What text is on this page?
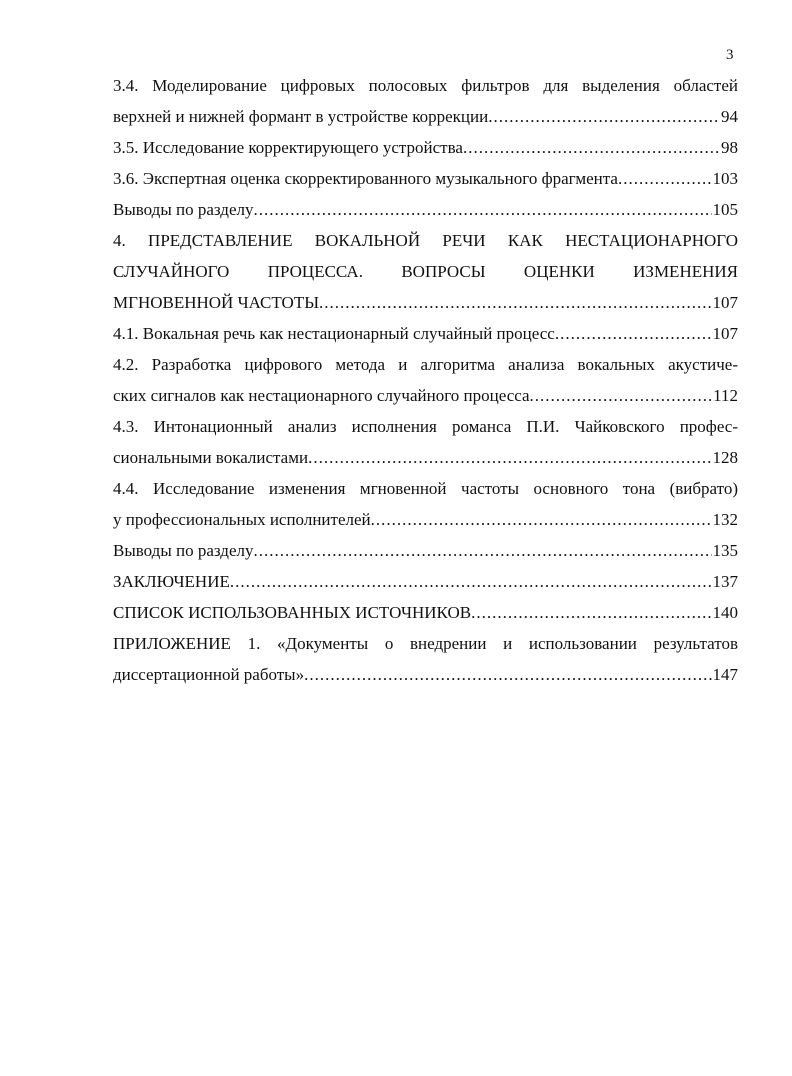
3
3.4. Моделирование цифровых полосовых фильтров для выделения областей
верхней и нижней формант в устройстве коррекции .....	94
3.5. Исследование корректирующего устройства .....	98
3.6. Экспертная оценка скорректированного музыкального фрагмента .....	103
Выводы по разделу .....	105
4. ПРЕДСТАВЛЕНИЕ ВОКАЛЬНОЙ РЕЧИ КАК НЕСТАЦИОНАРНОГО
СЛУЧАЙНОГО ПРОЦЕССА. ВОПРОСЫ ОЦЕНКИ ИЗМЕНЕНИЯ
МГНОВЕННОЙ ЧАСТОТЫ .....	107
4.1. Вокальная речь как нестационарный случайный процесс .....	107
4.2. Разработка цифрового метода и алгоритма анализа вокальных акустиче-
ских сигналов как нестационарного случайного процесса .....	112
4.3. Интонационный анализ исполнения романса П.И. Чайковского профес-
сиональными вокалистами .....	128
4.4. Исследование изменения мгновенной частоты основного тона (вибрато)
у профессиональных исполнителей .....	132
Выводы по разделу .....	135
ЗАКЛЮЧЕНИЕ .....	137
СПИСОК ИСПОЛЬЗОВАННЫХ ИСТОЧНИКОВ .....	140
ПРИЛОЖЕНИЕ 1. «Документы о внедрении и использовании результатов
диссертационной работы» .....	147
